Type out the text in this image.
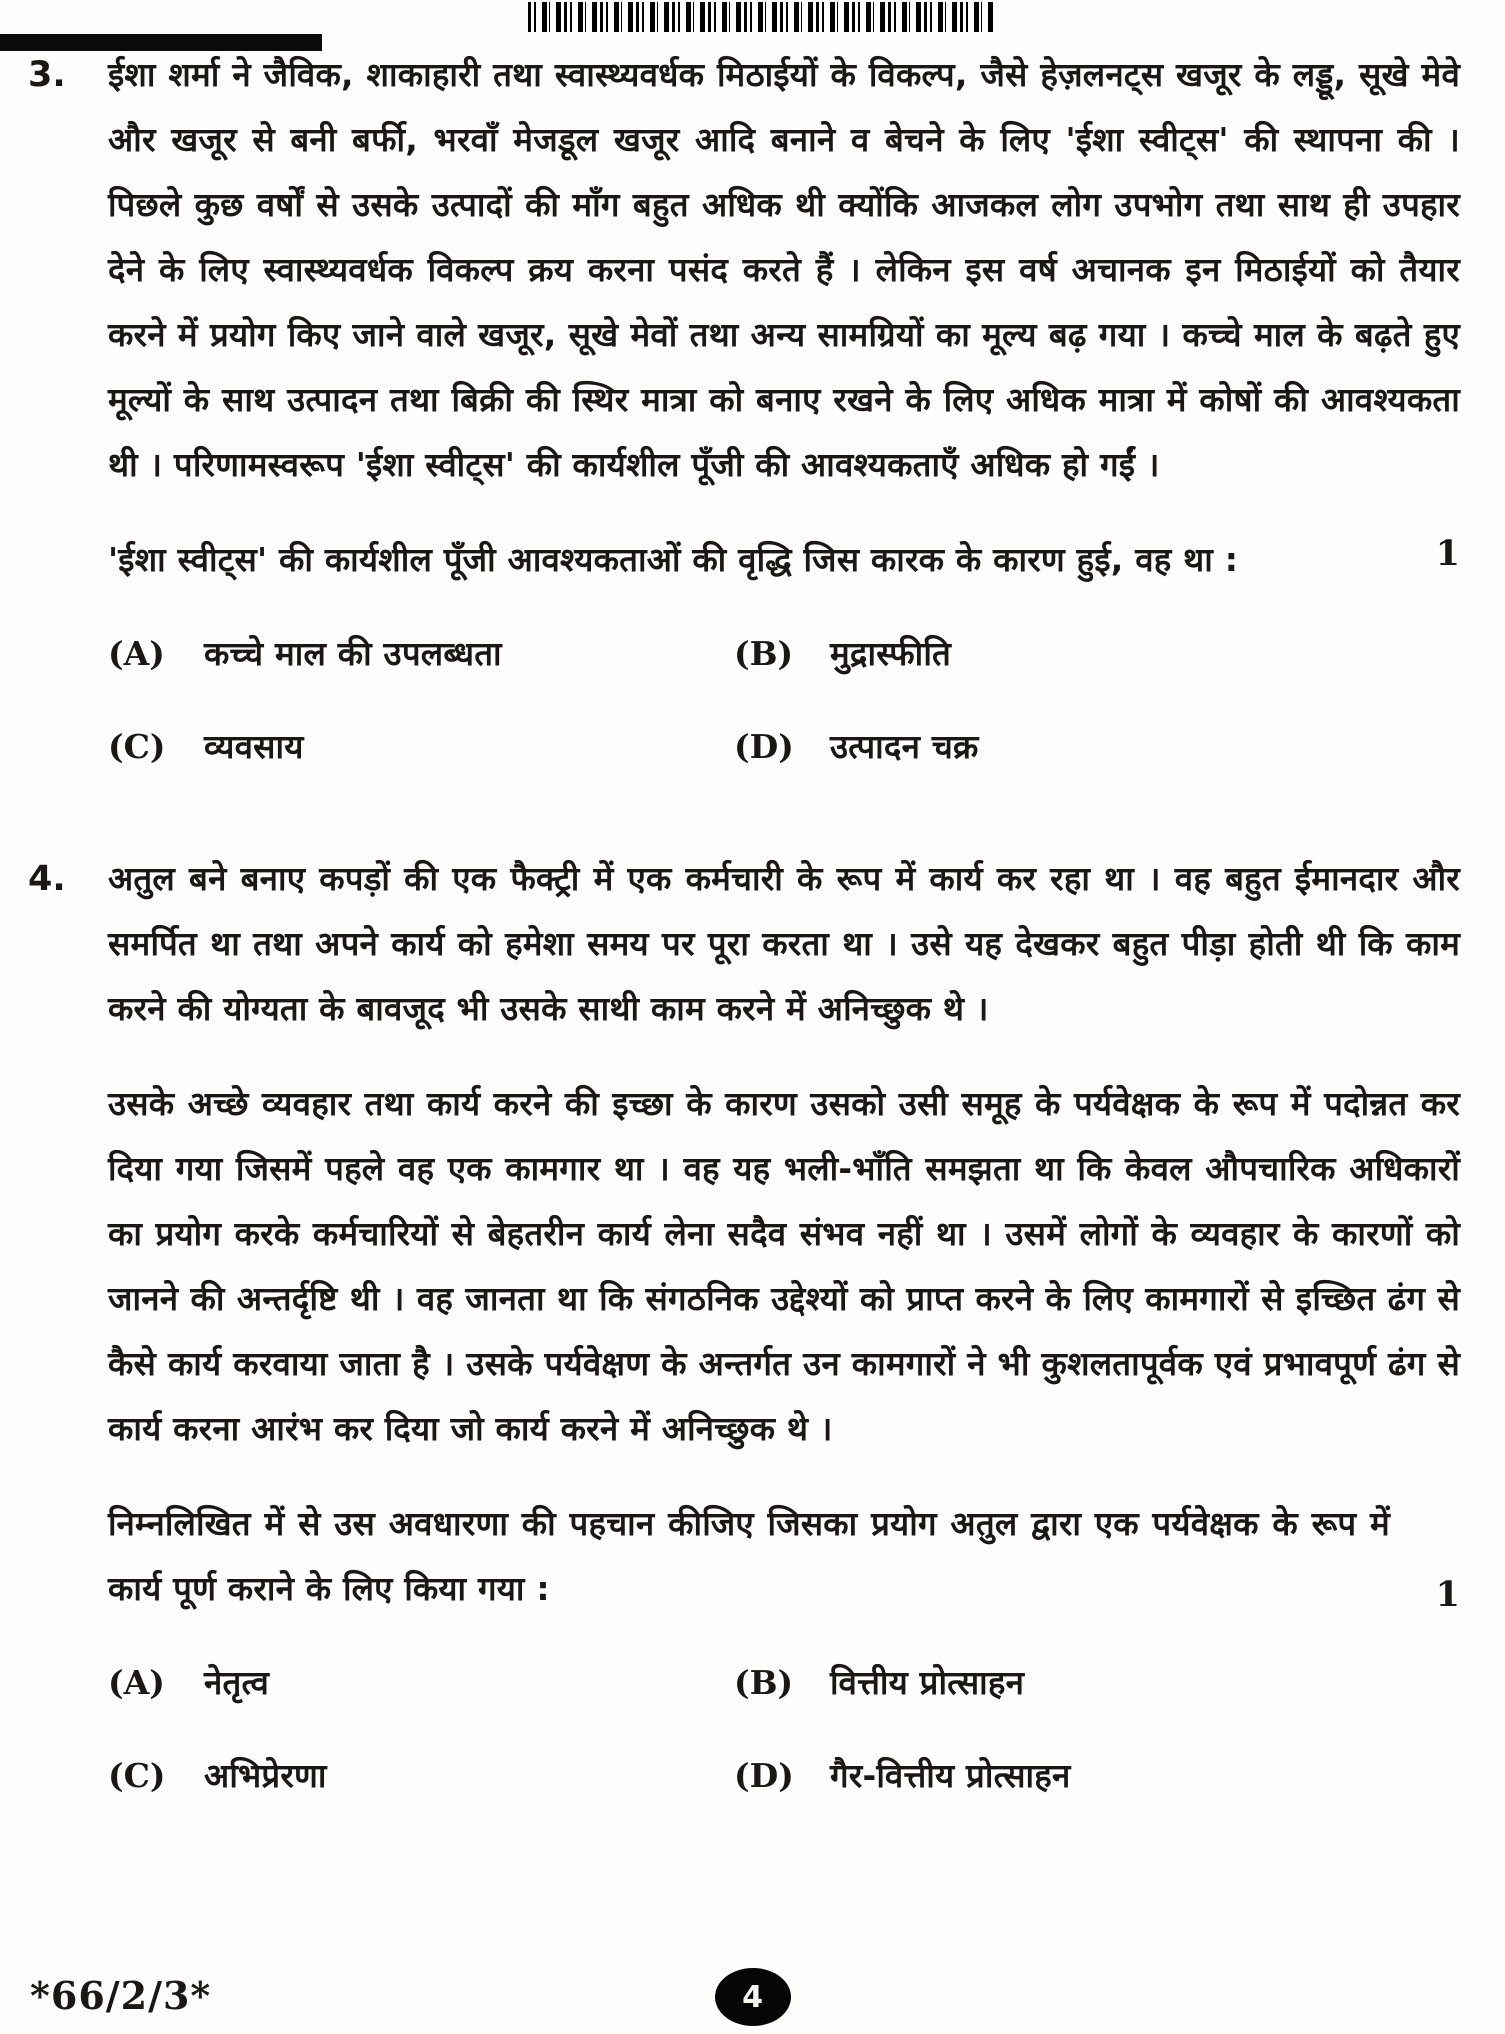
3.	ईशा शर्मा ने जैविक, शाकाहारी तथा स्वास्थ्यवर्धक मिठाईयों के विकल्प, जैसे हेज़लनट्स खजूर के लड्डू, सूखे मेवे और खजूर से बनी बर्फी, भरवाँ मेजडूल खजूर आदि बनाने व बेचने के लिए 'ईशा स्वीट्स' की स्थापना की । पिछले कुछ वर्षों से उसके उत्पादों की माँग बहुत अधिक थी क्योंकि आजकल लोग उपभोग तथा साथ ही उपहार देने के लिए स्वास्थ्यवर्धक विकल्प क्रय करना पसंद करते हैं । लेकिन इस वर्ष अचानक इन मिठाईयों को तैयार करने में प्रयोग किए जाने वाले खजूर, सूखे मेवों तथा अन्य सामग्रियों का मूल्य बढ़ गया । कच्चे माल के बढ़ते हुए मूल्यों के साथ उत्पादन तथा बिक्री की स्थिर मात्रा को बनाए रखने के लिए अधिक मात्रा में कोषों की आवश्यकता थी । परिणामस्वरूप 'ईशा स्वीट्स' की कार्यशील पूँजी की आवश्यकताएँ अधिक हो गईं ।

'ईशा स्वीट्स' की कार्यशील पूँजी आवश्यकताओं की वृद्धि जिस कारक के कारण हुई, वह था :	1
(A)	कच्चे माल की उपलब्धता	(B)	मुद्रास्फीति
(C)	व्यवसाय	(D)	उत्पादन चक्र
4.	अतुल बने बनाए कपड़ों की एक फैक्ट्री में एक कर्मचारी के रूप में कार्य कर रहा था । वह बहुत ईमानदार और समर्पित था तथा अपने कार्य को हमेशा समय पर पूरा करता था । उसे यह देखकर बहुत पीड़ा होती थी कि काम करने की योग्यता के बावजूद भी उसके साथी काम करने में अनिच्छुक थे ।

उसके अच्छे व्यवहार तथा कार्य करने की इच्छा के कारण उसको उसी समूह के पर्यवेक्षक के रूप में पदोन्नत कर दिया गया जिसमें पहले वह एक कामगार था । वह यह भली-भाँति समझता था कि केवल औपचारिक अधिकारों का प्रयोग करके कर्मचारियों से बेहतरीन कार्य लेना सदैव संभव नहीं था । उसमें लोगों के व्यवहार के कारणों को जानने की अन्तर्दृष्टि थी । वह जानता था कि संगठनिक उद्देश्यों को प्राप्त करने के लिए कामगारों से इच्छित ढंग से कैसे कार्य करवाया जाता है । उसके पर्यवेक्षण के अन्तर्गत उन कामगारों ने भी कुशलतापूर्वक एवं प्रभावपूर्ण ढंग से कार्य करना आरंभ कर दिया जो कार्य करने में अनिच्छुक थे ।

निम्नलिखित में से उस अवधारणा की पहचान कीजिए जिसका प्रयोग अतुल द्वारा एक पर्यवेक्षक के रूप में कार्य पूर्ण कराने के लिए किया गया :	1
(A)	नेतृत्व	(B)	वित्तीय प्रोत्साहन
(C)	अभिप्रेरणा	(D)	गैर-वित्तीय प्रोत्साहन
*66/2/3*	4
